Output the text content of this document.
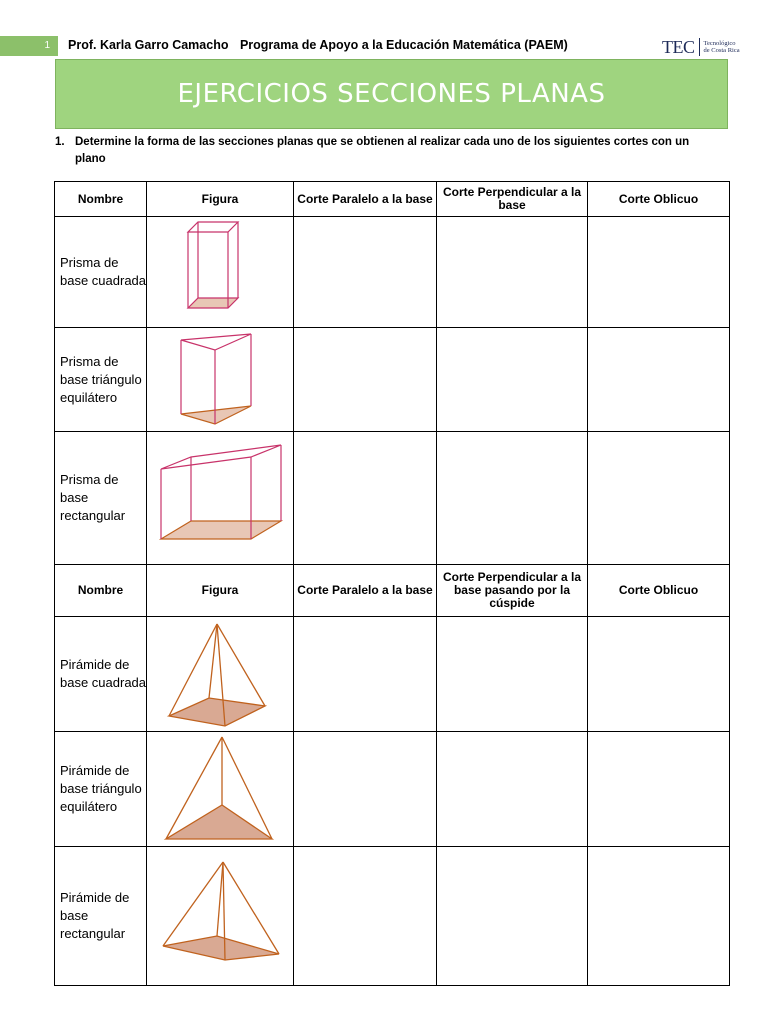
1	Prof. Karla Garro Camacho Programa de Apoyo a la Educación Matemática (PAEM)	TEC Tecnológico
de Costa Rica
EJERCICIOS SECCIONES PLANAS
1. Determine la forma de las secciones planas que se obtienen al realizar cada uno de los siguientes cortes con un plano
Nombre	Figura	Corte Paralelo a la base	Corte Perpendicular a la base	Corte Oblicuo
Prisma de base cuadrada	

Prisma de base triángulo equilátero	

Prisma de base rectangular	

Nombre	Figura	Corte Paralelo a la base	Corte Perpendicular a la base pasando por la cúspide	Corte Oblicuo
Pirámide de base cuadrada	

Pirámide de base triángulo equilátero	

Pirámide de base rectangular	
